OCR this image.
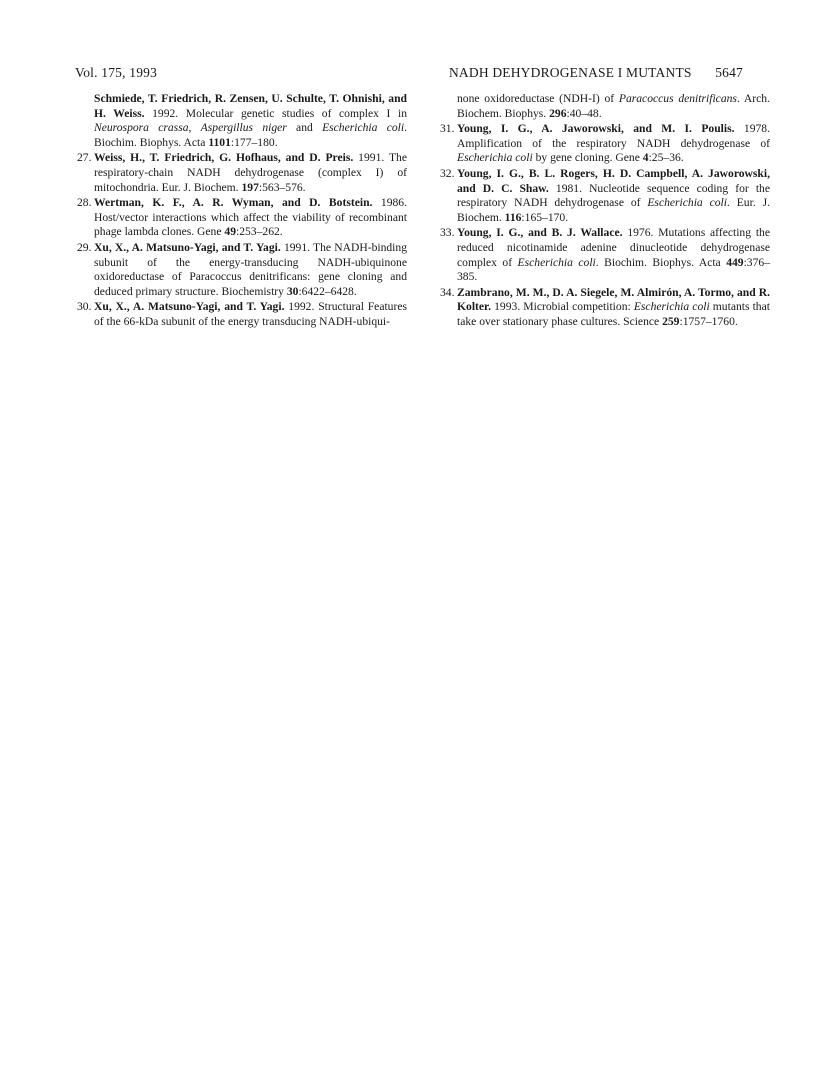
Vol. 175, 1993	NADH DEHYDROGENASE I MUTANTS 5647

Schmiede, T. Friedrich, R. Zensen, U. Schulte, T. Ohnishi, and H. Weiss. 1992. Molecular genetic studies of complex I in Neurospora crassa, Aspergillus niger and Escherichia coli. Biochim. Biophys. Acta 1101:177–180.

27. Weiss, H., T. Friedrich, G. Hofhaus, and D. Preis. 1991. The respiratory-chain NADH dehydrogenase (complex I) of mitochondria. Eur. J. Biochem. 197:563–576.

28. Wertman, K. F., A. R. Wyman, and D. Botstein. 1986. Host/vector interactions which affect the viability of recombinant phage lambda clones. Gene 49:253–262.

29. Xu, X., A. Matsuno-Yagi, and T. Yagi. 1991. The NADH-binding subunit of the energy-transducing NADH-ubiquinone oxidoreductase of Paracoccus denitrificans: gene cloning and deduced primary structure. Biochemistry 30:6422–6428.

30. Xu, X., A. Matsuno-Yagi, and T. Yagi. 1992. Structural Features of the 66-kDa subunit of the energy transducing NADH-ubiqui-

none oxidoreductase (NDH-I) of Paracoccus denitrificans. Arch. Biochem. Biophys. 296:40–48.

31. Young, I. G., A. Jaworowski, and M. I. Poulis. 1978. Amplification of the respiratory NADH dehydrogenase of Escherichia coli by gene cloning. Gene 4:25–36.

32. Young, I. G., B. L. Rogers, H. D. Campbell, A. Jaworowski, and D. C. Shaw. 1981. Nucleotide sequence coding for the respiratory NADH dehydrogenase of Escherichia coli. Eur. J. Biochem. 116:165–170.

33. Young, I. G., and B. J. Wallace. 1976. Mutations affecting the reduced nicotinamide adenine dinucleotide dehydrogenase complex of Escherichia coli. Biochim. Biophys. Acta 449:376–385.

34. Zambrano, M. M., D. A. Siegele, M. Almirón, A. Tormo, and R. Kolter. 1993. Microbial competition: Escherichia coli mutants that take over stationary phase cultures. Science 259:1757–1760.
